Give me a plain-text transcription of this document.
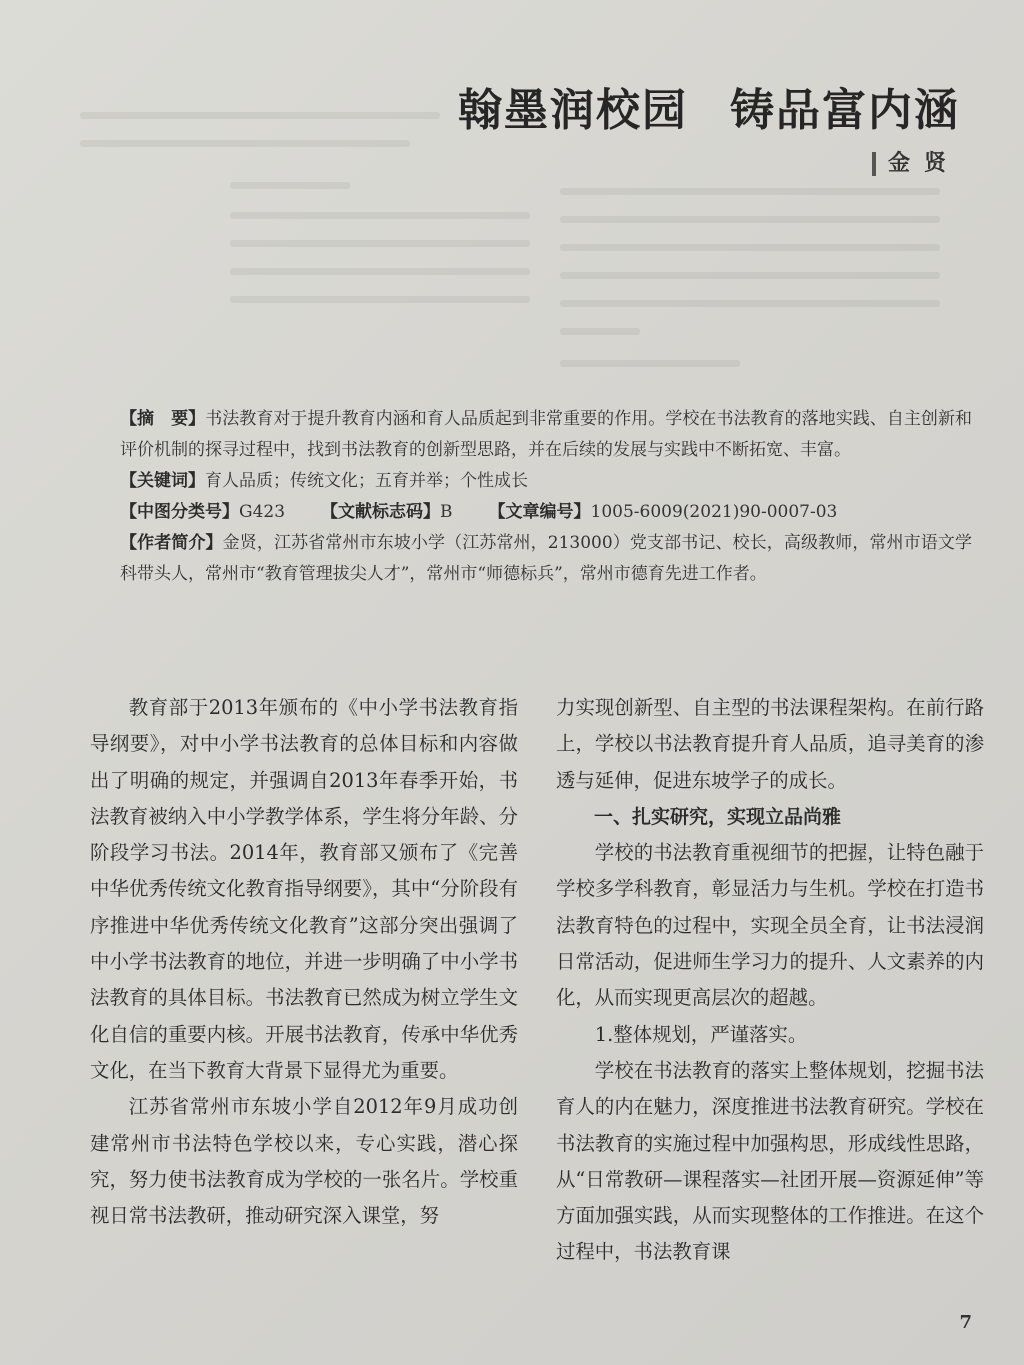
翰墨润校园 铸品富内涵
金贤

【摘　要】书法教育对于提升教育内涵和育人品质起到非常重要的作用。学校在书法教育的落地实践、自主创新和评价机制的探寻过程中，找到书法教育的创新型思路，并在后续的发展与实践中不断拓宽、丰富。

【关键词】育人品质；传统文化；五育并举；个性成长

【中图分类号】G423 【文献标志码】B 【文章编号】1005-6009(2021)90-0007-03

【作者简介】金贤，江苏省常州市东坡小学（江苏常州，213000）党支部书记、校长，高级教师，常州市语文学科带头人，常州市“教育管理拔尖人才”，常州市“师德标兵”，常州市德育先进工作者。

教育部于2013年颁布的《中小学书法教育指导纲要》，对中小学书法教育的总体目标和内容做出了明确的规定，并强调自2013年春季开始，书法教育被纳入中小学教学体系，学生将分年龄、分阶段学习书法。2014年，教育部又颁布了《完善中华优秀传统文化教育指导纲要》，其中“分阶段有序推进中华优秀传统文化教育”这部分突出强调了中小学书法教育的地位，并进一步明确了中小学书法教育的具体目标。书法教育已然成为树立学生文化自信的重要内核。开展书法教育，传承中华优秀文化，在当下教育大背景下显得尤为重要。

江苏省常州市东坡小学自2012年9月成功创建常州市书法特色学校以来，专心实践，潜心探究，努力使书法教育成为学校的一张名片。学校重视日常书法教研，推动研究深入课堂，努

力实现创新型、自主型的书法课程架构。在前行路上，学校以书法教育提升育人品质，追寻美育的渗透与延伸，促进东坡学子的成长。

一、扎实研究，实现立品尚雅

学校的书法教育重视细节的把握，让特色融于学校多学科教育，彰显活力与生机。学校在打造书法教育特色的过程中，实现全员全育，让书法浸润日常活动，促进师生学习力的提升、人文素养的内化，从而实现更高层次的超越。

1.整体规划，严谨落实。

学校在书法教育的落实上整体规划，挖掘书法育人的内在魅力，深度推进书法教育研究。学校在书法教育的实施过程中加强构思，形成线性思路，从“日常教研—课程落实—社团开展—资源延伸”等方面加强实践，从而实现整体的工作推进。在这个过程中，书法教育课

7
